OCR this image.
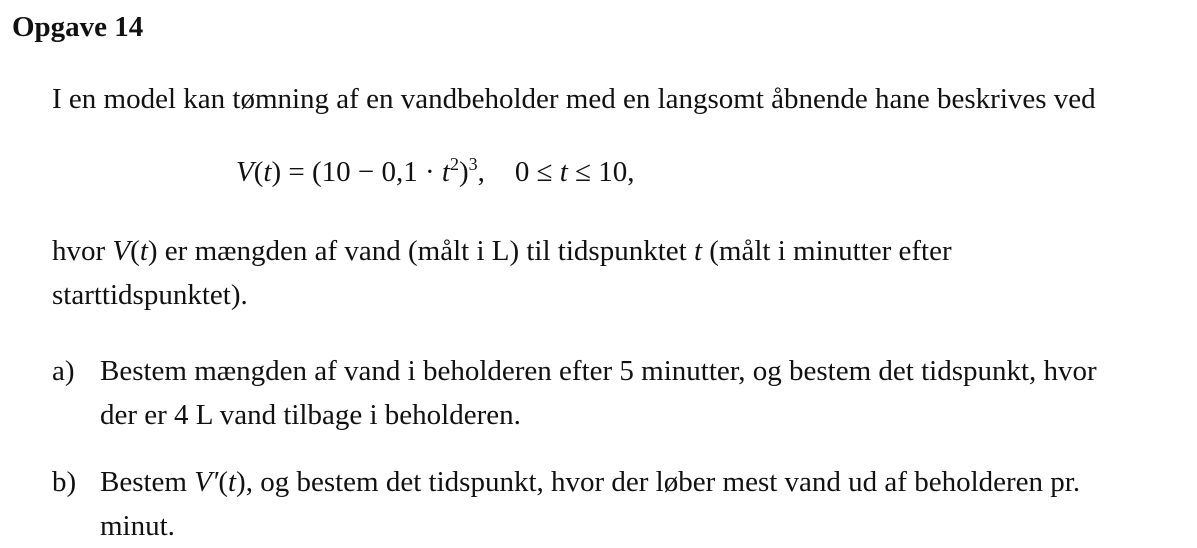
Opgave 14
I en model kan tømning af en vandbeholder med en langsomt åbnende hane beskrives ved
$V(t) = (10 - 0,1 \cdot t^2)^3$, 0 ≤ t ≤ 10,
hvor V(t) er mængden af vand (målt i L) til tidspunktet t (målt i minutter efter
starttidspunktet).
a) Bestem mængden af vand i beholderen efter 5 minutter, og bestem det tidspunkt, hvor
der er 4 L vand tilbage i beholderen.
b) Bestem V′(t), og bestem det tidspunkt, hvor der løber mest vand ud af beholderen pr.
minut.
